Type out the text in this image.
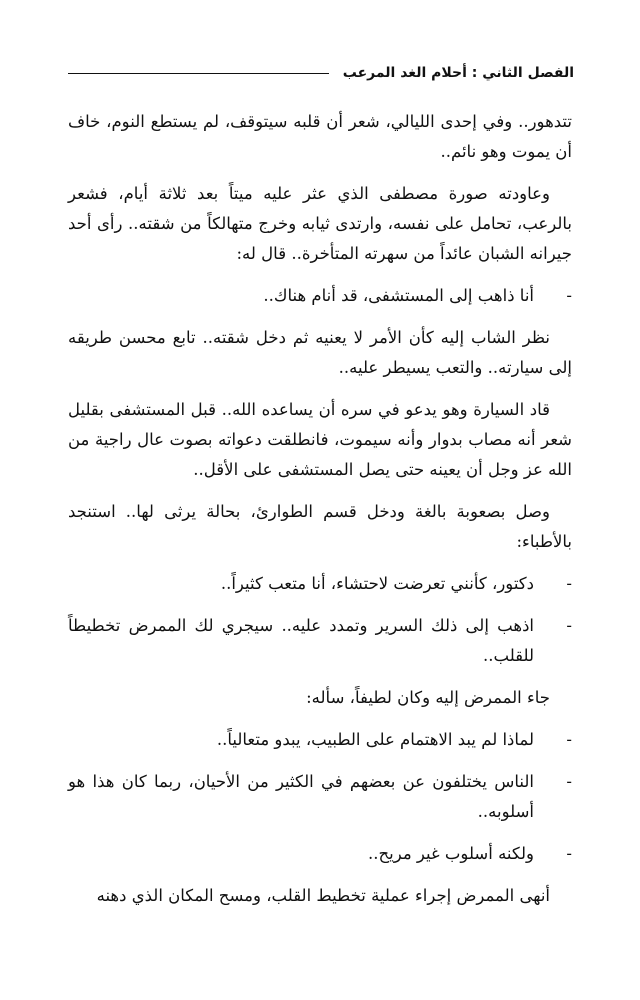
الفصل الثاني : أحلام الغد المرعب

تتدهور.. وفي إحدى الليالي، شعر أن قلبه سيتوقف، لم يستطع النوم، خاف أن يموت وهو نائم..

وعاودته صورة مصطفى الذي عثر عليه ميتاً بعد ثلاثة أيام، فشعر بالرعب، تحامل على نفسه، وارتدى ثيابه وخرج متهالكاً من شقته.. رأى أحد جيرانه الشبان عائداً من سهرته المتأخرة.. قال له:

-
أنا ذاهب إلى المستشفى، قد أنام هناك..

نظر الشاب إليه كأن الأمر لا يعنيه ثم دخل شقته.. تابع محسن طريقه إلى سيارته.. والتعب يسيطر عليه..

قاد السيارة وهو يدعو في سره أن يساعده الله.. قبل المستشفى بقليل شعر أنه مصاب بدوار وأنه سيموت، فانطلقت دعواته بصوت عال راجية من الله عز وجل أن يعينه حتى يصل المستشفى على الأقل..

وصل بصعوبة بالغة ودخل قسم الطوارئ، بحالة يرثى لها.. استنجد بالأطباء:

-
دكتور، كأنني تعرضت لاحتشاء، أنا متعب كثيراً..
-
اذهب إلى ذلك السرير وتمدد عليه.. سيجري لك الممرض تخطيطاً للقلب..

جاء الممرض إليه وكان لطيفاً، سأله:

-
لماذا لم يبد الاهتمام على الطبيب، يبدو متعالياً..
-
الناس يختلفون عن بعضهم في الكثير من الأحيان، ربما كان هذا هو أسلوبه..
-
ولكنه أسلوب غير مريح..

أنهى الممرض إجراء عملية تخطيط القلب، ومسح المكان الذي دهنه
